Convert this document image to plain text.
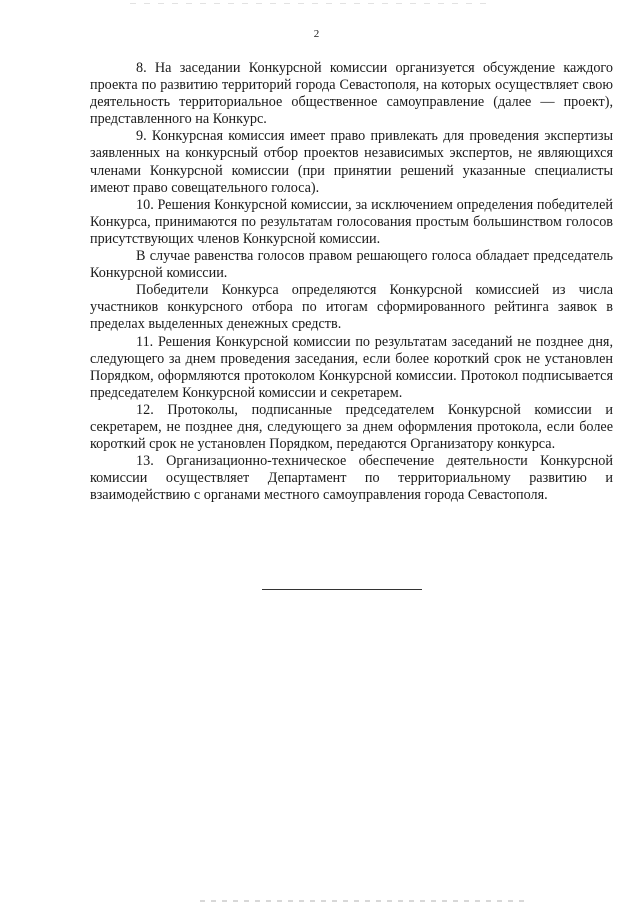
2

8. На заседании Конкурсной комиссии организуется обсуждение каждого проекта по развитию территорий города Севастополя, на которых осуществляет свою деятельность территориальное общественное самоуправление (далее — проект), представленного на Конкурс.

9. Конкурсная комиссия имеет право привлекать для проведения экспертизы заявленных на конкурсный отбор проектов независимых экспертов, не являющихся членами Конкурсной комиссии (при принятии решений указанные специалисты имеют право совещательного голоса).

10. Решения Конкурсной комиссии, за исключением определения победителей Конкурса, принимаются по результатам голосования простым большинством голосов присутствующих членов Конкурсной комиссии.

В случае равенства голосов правом решающего голоса обладает председатель Конкурсной комиссии.

Победители Конкурса определяются Конкурсной комиссией из числа участников конкурсного отбора по итогам сформированного рейтинга заявок в пределах выделенных денежных средств.

11. Решения Конкурсной комиссии по результатам заседаний не позднее дня, следующего за днем проведения заседания, если более короткий срок не установлен Порядком, оформляются протоколом Конкурсной комиссии. Протокол подписывается председателем Конкурсной комиссии и секретарем.

12. Протоколы, подписанные председателем Конкурсной комиссии и секретарем, не позднее дня, следующего за днем оформления протокола, если более короткий срок не установлен Порядком, передаются Организатору конкурса.

13. Организационно-техническое обеспечение деятельности Конкурсной комиссии осуществляет Департамент по территориальному развитию и взаимодействию с органами местного самоуправления города Севастополя.
